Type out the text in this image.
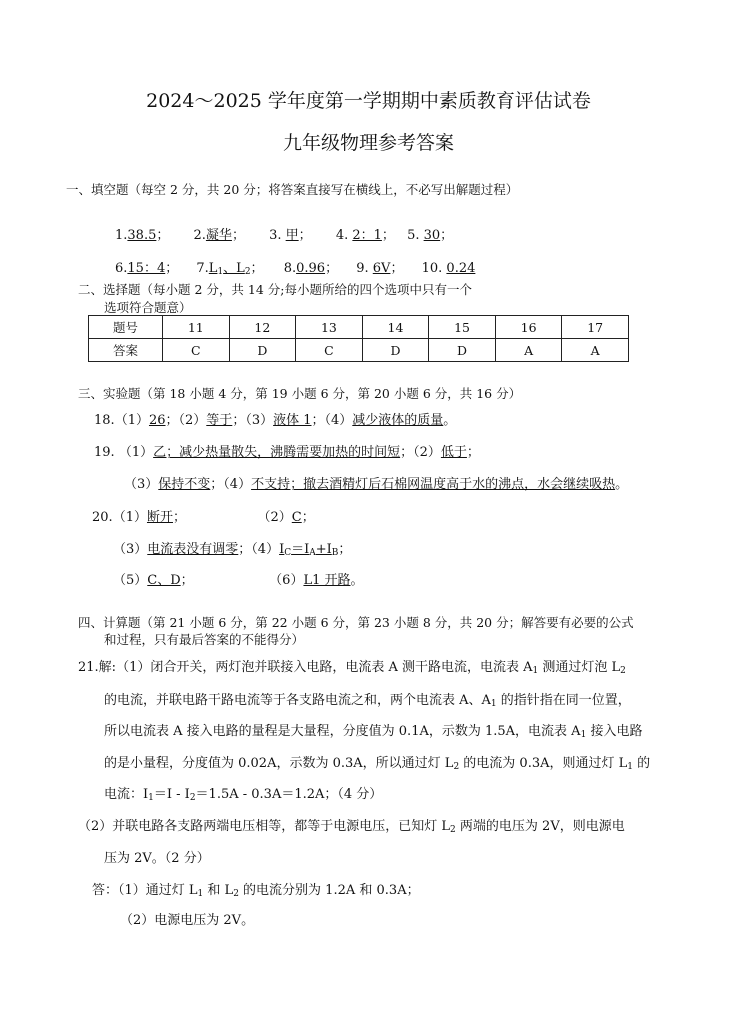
2024～2025 学年度第一学期期中素质教育评估试卷
九年级物理参考答案
一、填空题（每空 2 分，共 20 分；将答案直接写在横线上，不必写出解题过程）
1.38.5； 2.凝华； 3. 甲； 4. 2：1； 5. 30；
6.15：4； $7.L_1$、$L_2$； 8.0.96； 9. 6V； 10. 0.24
二、选择题（每小题 2 分，共 14 分;每小题所给的四个选项中只有一个
选项符合题意）
题号	11	12	13	14	15	16	17
答案	C	D	C	D	D	A	A
三、实验题（第 18 小题 4 分，第 19 小题 6 分，第 20 小题 6 分，共 16 分）
18.（1）26；（2）等于；（3）液体 1；（4）减少液体的质量。
19. （1）乙；减少热量散失，沸腾需要加热的时间短；（2）低于；
（3）保持不变；（4）不支持；撤去酒精灯后石棉网温度高于水的沸点，水会继续吸热。
20.（1）断开；	（2）C；
（3）电流表没有调零；$(4)I_C=I_A+I_B$；
（5）C、D；	（6）L1 开路。
四、计算题（第 21 小题 6 分，第 22 小题 6 分，第 23 小题 8 分，共 20 分；解答要有必要的公式
和过程，只有最后答案的不能得分）
21.解:（1）闭合开关，两灯泡并联接入电路，电流表 A 测干路电流，电流表 $A_1$ 测通过灯泡 $L_2$
的电流，并联电路干路电流等于各支路电流之和，两个电流表 A、$A_1$ 的指针指在同一位置，
所以电流表 A 接入电路的量程是大量程，分度值为 0.1A，示数为 1.5A，电流表 $A_1$ 接入电路
的是小量程，分度值为 0.02A，示数为 0.3A，所以通过灯 $L_2$ 的电流为 0.3A，则通过灯 $L_1$ 的
电流：$I_1=I - I_2=1.5A - 0.3A=1.2A$；（4 分）
（2）并联电路各支路两端电压相等，都等于电源电压，已知灯 $L_2$ 两端的电压为 2V，则电源电
压为 2V。（2 分）
答：（1）通过灯 $L_1$ 和 $L_2$ 的电流分别为 1.2A 和 0.3A；
（2）电源电压为 2V。
